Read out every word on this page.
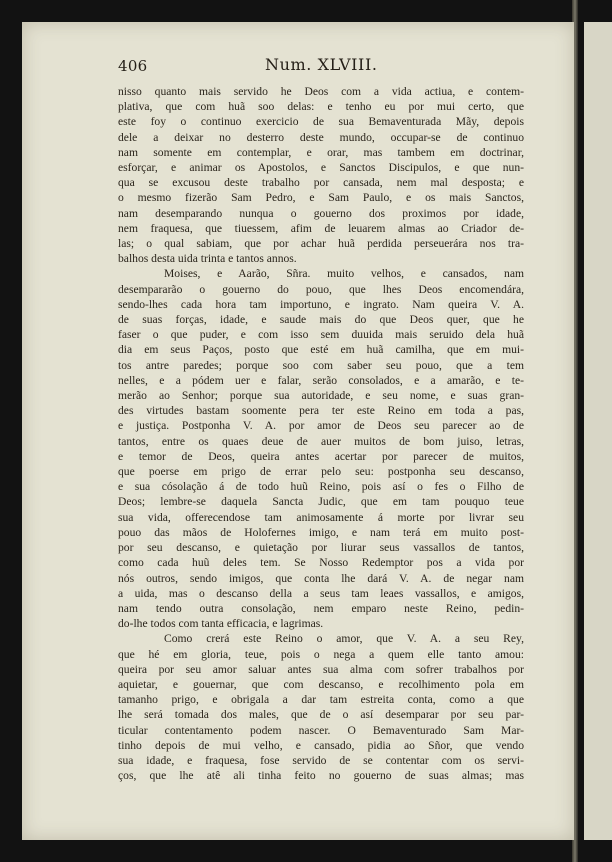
406	Num. XLVIII.
nisso quanto mais servido he Deos com a vida actiua, e contem-
plativa, que com huã soo delas: e tenho eu por mui certo, que
este foy o continuo exercicio de sua Bemaventurada Mãy, depois
dele a deixar no desterro deste mundo, occupar-se de continuo
nam somente em contemplar, e orar, mas tambem em doctrinar,
esforçar, e animar os Apostolos, e Sanctos Discipulos, e que nun-
qua se excusou deste trabalho por cansada, nem mal desposta; e
o mesmo fizerão Sam Pedro, e Sam Paulo, e os mais Sanctos,
nam desemparando nunqua o gouerno dos proximos por idade,
nem fraquesa, que tiuessem, afim de leuarem almas ao Criador de-
las; o qual sabiam, que por achar huã perdida perseuerára nos tra-
balhos desta uida trinta e tantos annos.
Moises, e Aarão, Sñra. muito velhos, e cansados, nam
desempararão o gouerno do pouo, que lhes Deos encomendára,
sendo-lhes cada hora tam importuno, e ingrato. Nam queira V. A.
de suas forças, idade, e saude mais do que Deos quer, que he
faser o que puder, e com isso sem duuida mais seruido dela huã
dia em seus Paços, posto que esté em huã camilha, que em mui-
tos antre paredes; porque soo com saber seu pouo, que a tem
nelles, e a pódem uer e falar, serão consolados, e a amarão, e te-
merão ao Senhor; porque sua autoridade, e seu nome, e suas gran-
des virtudes bastam soomente pera ter este Reino em toda a pas,
e justiça. Postponha V. A. por amor de Deos seu parecer ao de
tantos, entre os quaes deue de auer muitos de bom juiso, letras,
e temor de Deos, queira antes acertar por parecer de muitos,
que poerse em prigo de errar pelo seu: postponha seu descanso,
e sua cósolação á de todo huũ Reino, pois así o fes o Filho de
Deos; lembre-se daquela Sancta Judic, que em tam pouquo teue
sua vida, offerecendose tam animosamente á morte por livrar seu
pouo das mãos de Holofernes imigo, e nam terá em muito post-
por seu descanso, e quietação por liurar seus vassallos de tantos,
como cada huũ deles tem. Se Nosso Redemptor pos a vida por
nós outros, sendo imigos, que conta lhe dará V. A. de negar nam
a uida, mas o descanso della a seus tam leaes vassallos, e amigos,
nam tendo outra consolação, nem emparo neste Reino, pedin-
do-lhe todos com tanta efficacia, e lagrimas.
Como crerá este Reino o amor, que V. A. a seu Rey,
que hé em gloria, teue, pois o nega a quem elle tanto amou:
queira por seu amor saluar antes sua alma com sofrer trabalhos por
aquietar, e gouernar, que com descanso, e recolhimento pola em
tamanho prigo, e obrigala a dar tam estreita conta, como a que
lhe será tomada dos males, que de o así desemparar por seu par-
ticular contentamento podem nascer. O Bemaventurado Sam Mar-
tinho depois de mui velho, e cansado, pidia ao Sñor, que vendo
sua idade, e fraquesa, fose servido de se contentar com os servi-
ços, que lhe atê ali tinha feito no gouerno de suas almas; mas
